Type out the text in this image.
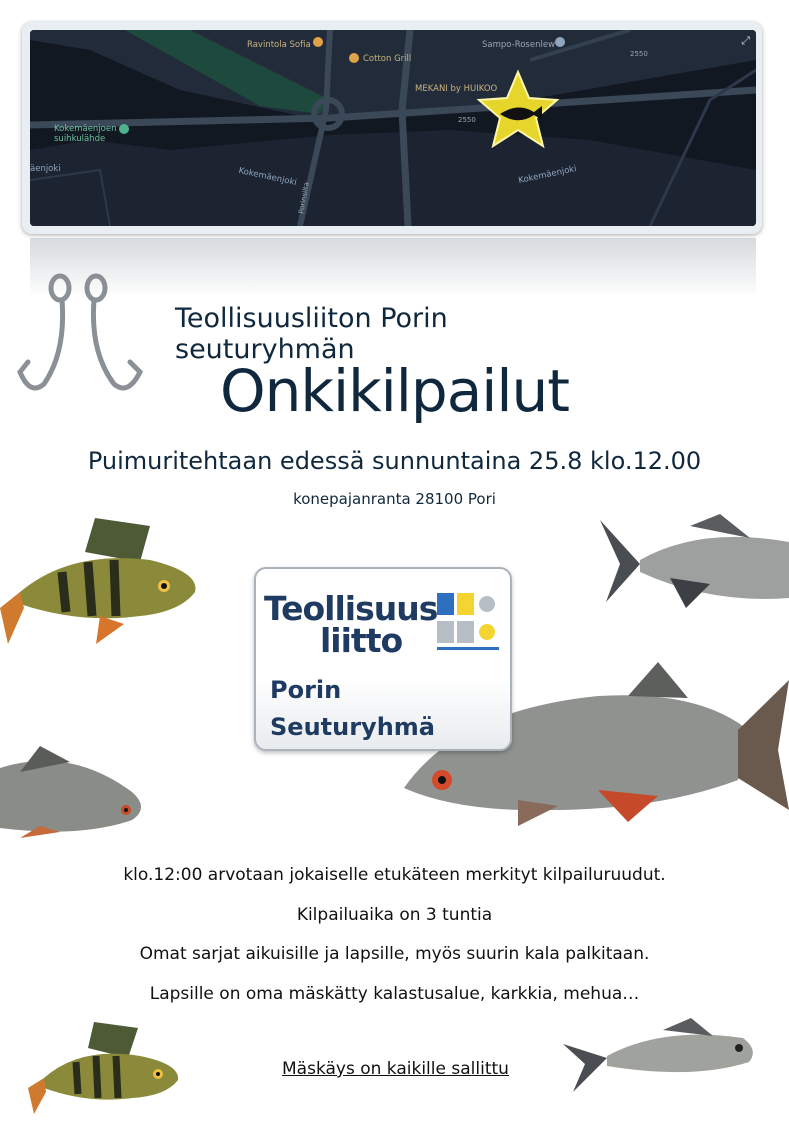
Ravintola Sofia
Cotton Grill
Sampo-Rosenlew
MEKANI by HUIKOO
Kokemäenjoen
suihkulähde
äenjoki	Kokemäenjoki	Kokemäenjoki
Porinsilta
2550
2550
⤢
Teollisuusliiton Porin seuturyhmän
Onkikilpailut
Puimuritehtaan edessä sunnuntaina 25.8 klo.12.00
konepajanranta 28100 Pori
Teollisuus
liitto
Porin
Seuturyhmä
klo.12:00 arvotaan jokaiselle etukäteen merkityt kilpailuruudut.
Kilpailuaika on 3 tuntia
Omat sarjat aikuisille ja lapsille, myös suurin kala palkitaan.
Lapsille on oma mäskätty kalastusalue, karkkia, mehua…
Mäskäys on kaikille sallittu
